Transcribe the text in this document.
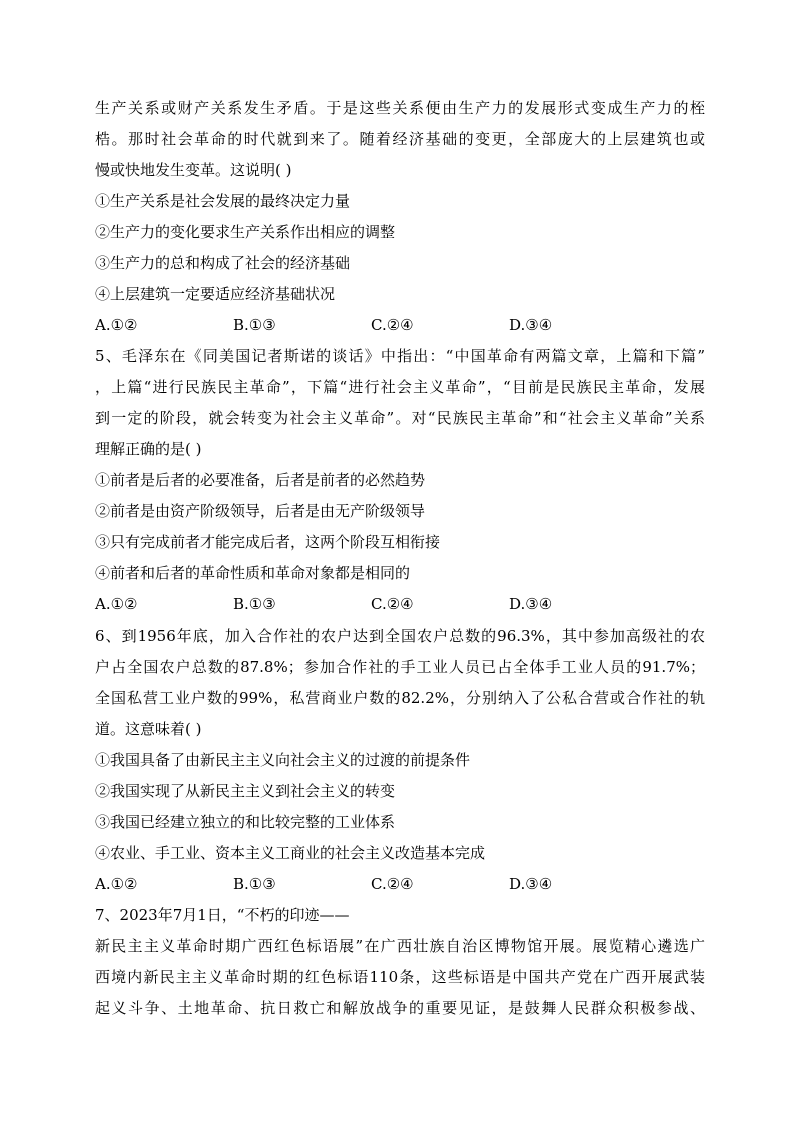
生产关系或财产关系发生矛盾。于是这些关系便由生产力的发展形式变成生产力的桎
梏。那时社会革命的时代就到来了。随着经济基础的变更，全部庞大的上层建筑也或
慢或快地发生变革。这说明( )
①生产关系是社会发展的最终决定力量
②生产力的变化要求生产关系作出相应的调整
③生产力的总和构成了社会的经济基础
④上层建筑一定要适应经济基础状况
A.①②	B.①③	C.②④	D.③④
5、毛泽东在《同美国记者斯诺的谈话》中指出：“中国革命有两篇文章，上篇和下篇”
，上篇“进行民族民主革命”，下篇“进行社会主义革命”，“目前是民族民主革命，发展
到一定的阶段，就会转变为社会主义革命”。对“民族民主革命”和“社会主义革命”关系
理解正确的是( )
①前者是后者的必要准备，后者是前者的必然趋势
②前者是由资产阶级领导，后者是由无产阶级领导
③只有完成前者才能完成后者，这两个阶段互相衔接
④前者和后者的革命性质和革命对象都是相同的
A.①②	B.①③	C.②④	D.③④
6、到1956年底，加入合作社的农户达到全国农户总数的96.3%，其中参加高级社的农
户占全国农户总数的87.8%；参加合作社的手工业人员已占全体手工业人员的91.7%；
全国私营工业户数的99%，私营商业户数的82.2%，分别纳入了公私合营或合作社的轨
道。这意味着( )
①我国具备了由新民主主义向社会主义的过渡的前提条件
②我国实现了从新民主主义到社会主义的转变
③我国已经建立独立的和比较完整的工业体系
④农业、手工业、资本主义工商业的社会主义改造基本完成
A.①②	B.①③	C.②④	D.③④
7、2023年7月1日，“不朽的印迹——
新民主主义革命时期广西红色标语展”在广西壮族自治区博物馆开展。展览精心遴选广
西境内新民主主义革命时期的红色标语110条，这些标语是中国共产党在广西开展武装
起义斗争、土地革命、抗日救亡和解放战争的重要见证，是鼓舞人民群众积极参战、
